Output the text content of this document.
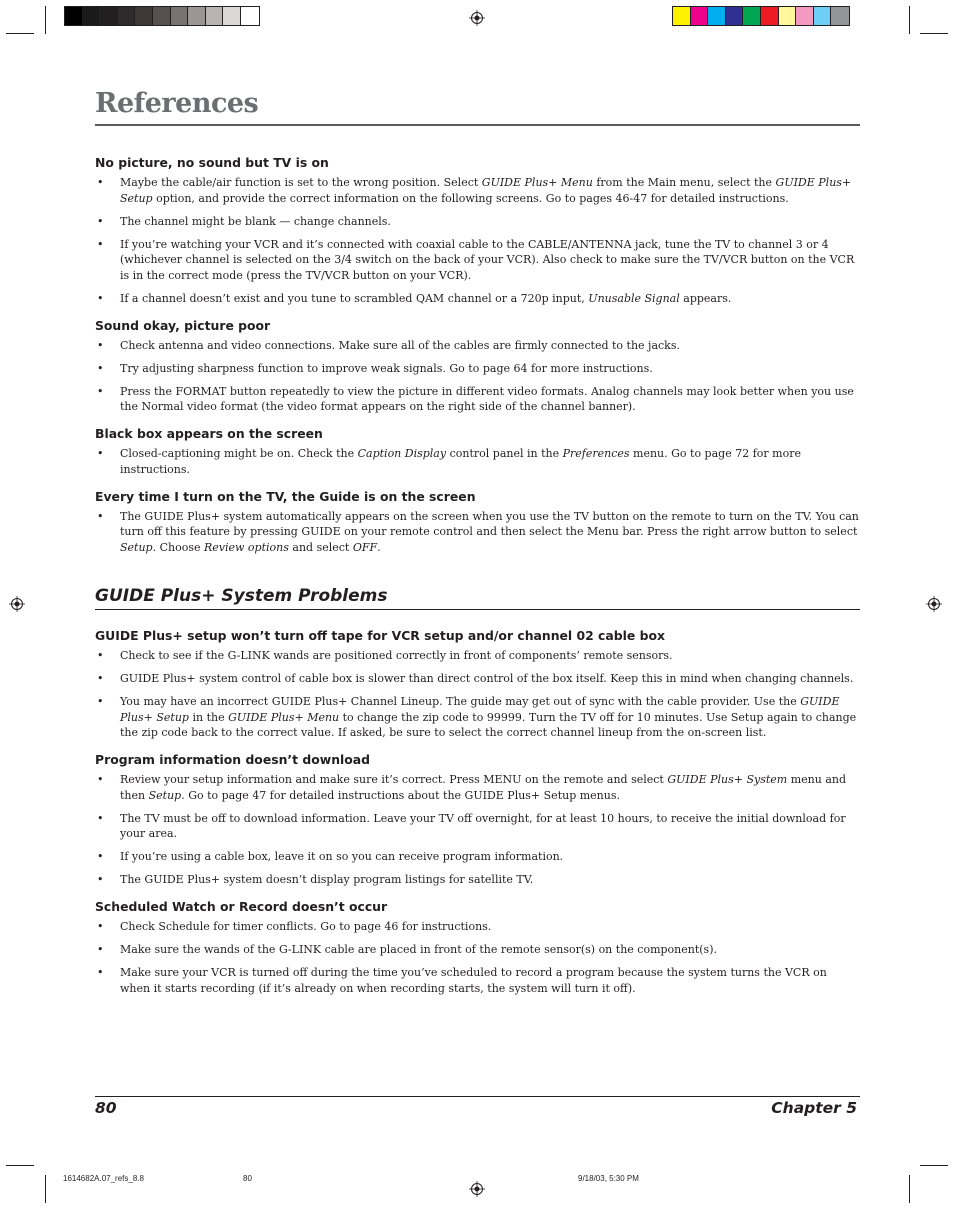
References
No picture, no sound but TV is on
• Maybe the cable/air function is set to the wrong position. Select GUIDE Plus+ Menu from the Main menu, select the GUIDE Plus+ Setup option, and provide the correct information on the following screens. Go to pages 46-47 for detailed instructions.
• The channel might be blank — change channels.
• If you’re watching your VCR and it’s connected with coaxial cable to the CABLE/ANTENNA jack, tune the TV to channel 3 or 4 (whichever channel is selected on the 3/4 switch on the back of your VCR). Also check to make sure the TV/VCR button on the VCR is in the correct mode (press the TV/VCR button on your VCR).
• If a channel doesn’t exist and you tune to scrambled QAM channel or a 720p input, Unusable Signal appears.
Sound okay, picture poor
• Check antenna and video connections. Make sure all of the cables are firmly connected to the jacks.
• Try adjusting sharpness function to improve weak signals. Go to page 64 for more instructions.
• Press the FORMAT button repeatedly to view the picture in different video formats. Analog channels may look better when you use the Normal video format (the video format appears on the right side of the channel banner).
Black box appears on the screen
• Closed-captioning might be on. Check the Caption Display control panel in the Preferences menu. Go to page 72 for more instructions.
Every time I turn on the TV, the Guide is on the screen
• The GUIDE Plus+ system automatically appears on the screen when you use the TV button on the remote to turn on the TV. You can turn off this feature by pressing GUIDE on your remote control and then select the Menu bar. Press the right arrow button to select Setup. Choose Review options and select OFF.
GUIDE Plus+ System Problems
GUIDE Plus+ setup won’t turn off tape for VCR setup and/or channel 02 cable box
• Check to see if the G-LINK wands are positioned correctly in front of components’ remote sensors.
• GUIDE Plus+ system control of cable box is slower than direct control of the box itself. Keep this in mind when changing channels.
• You may have an incorrect GUIDE Plus+ Channel Lineup. The guide may get out of sync with the cable provider. Use the GUIDE Plus+ Setup in the GUIDE Plus+ Menu to change the zip code to 99999. Turn the TV off for 10 minutes. Use Setup again to change the zip code back to the correct value. If asked, be sure to select the correct channel lineup from the on-screen list.
Program information doesn’t download
• Review your setup information and make sure it’s correct. Press MENU on the remote and select GUIDE Plus+ System menu and then Setup. Go to page 47 for detailed instructions about the GUIDE Plus+ Setup menus.
• The TV must be off to download information. Leave your TV off overnight, for at least 10 hours, to receive the initial download for your area.
• If you’re using a cable box, leave it on so you can receive program information.
• The GUIDE Plus+ system doesn’t display program listings for satellite TV.
Scheduled Watch or Record doesn’t occur
• Check Schedule for timer conflicts. Go to page 46 for instructions.
• Make sure the wands of the G-LINK cable are placed in front of the remote sensor(s) on the component(s).
• Make sure your VCR is turned off during the time you’ve scheduled to record a program because the system turns the VCR on when it starts recording (if it’s already on when recording starts, the system will turn it off).
80	Chapter 5
1614682A.07_refs_8.8	80	9/18/03, 5:30 PM
